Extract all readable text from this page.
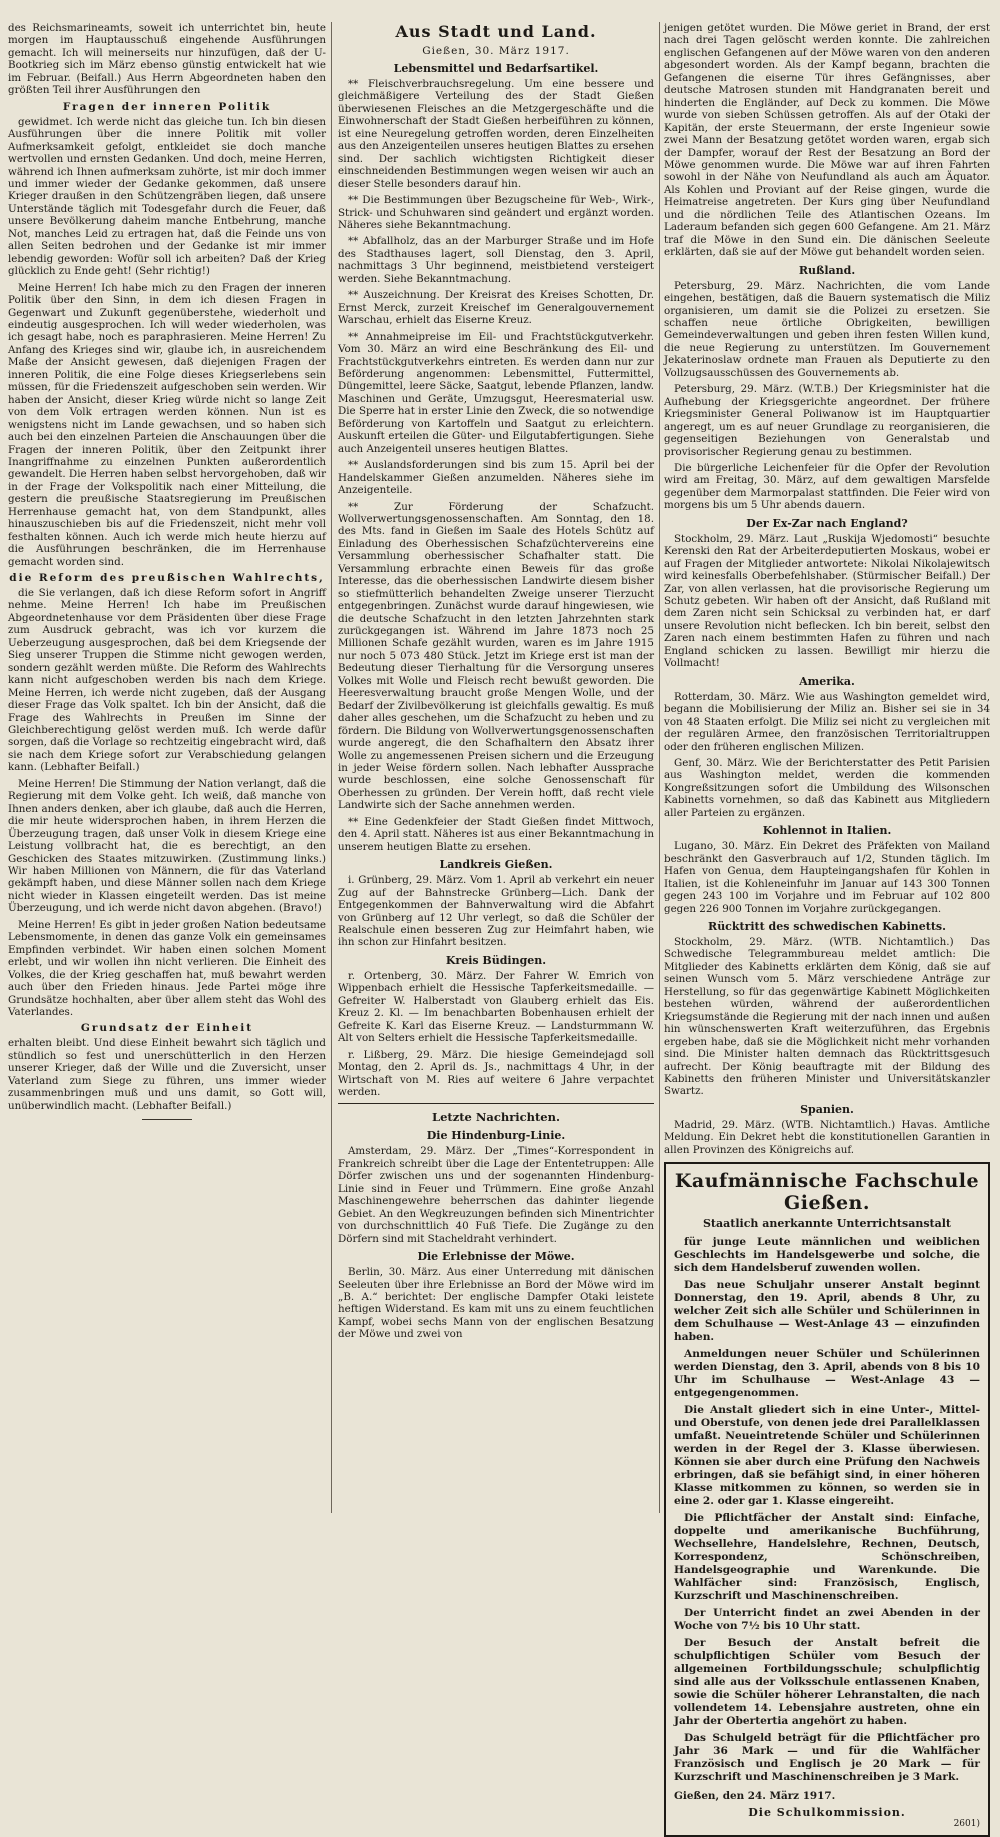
des Reichsmarineamts, soweit ich unterrichtet bin, heute morgen im Hauptausschuß eingehende Ausführungen gemacht. Ich will meinerseits nur hinzufügen, daß der U-Bootkrieg sich im März ebenso günstig entwickelt hat wie im Februar. (Beifall.) Aus Herrn Abgeordneten haben den größten Teil ihrer Ausführungen den

Fragen der inneren Politik

gewidmet. Ich werde nicht das gleiche tun. Ich bin diesen Ausführungen über die innere Politik mit voller Aufmerksamkeit gefolgt, entkleidet sie doch manche wertvollen und ernsten Gedanken. Und doch, meine Herren, während ich Ihnen aufmerksam zuhörte, ist mir doch immer und immer wieder der Gedanke gekommen, daß unsere Krieger draußen in den Schützengräben liegen, daß unsere Unterstände täglich mit Todesgefahr durch die Feuer, daß unsere Bevölkerung daheim manche Entbehrung, manche Not, manches Leid zu ertragen hat, daß die Feinde uns von allen Seiten bedrohen und der Gedanke ist mir immer lebendig geworden: Wofür soll ich arbeiten? Daß der Krieg glücklich zu Ende geht! (Sehr richtig!)

Meine Herren! Ich habe mich zu den Fragen der inneren Politik über den Sinn, in dem ich diesen Fragen in Gegenwart und Zukunft gegenüberstehe, wiederholt und eindeutig ausgesprochen. Ich will weder wiederholen, was ich gesagt habe, noch es paraphrasieren. Meine Herren! Zu Anfang des Krieges sind wir, glaube ich, in ausreichendem Maße der Ansicht gewesen, daß diejenigen Fragen der inneren Politik, die eine Folge dieses Kriegserlebens sein müssen, für die Friedenszeit aufgeschoben sein werden. Wir haben der Ansicht, dieser Krieg würde nicht so lange Zeit von dem Volk ertragen werden können. Nun ist es wenigstens nicht im Lande gewachsen, und so haben sich auch bei den einzelnen Parteien die Anschauungen über die Fragen der inneren Politik, über den Zeitpunkt ihrer Inangriffnahme zu einzelnen Punkten außerordentlich gewandelt. Die Herren haben selbst hervorgehoben, daß wir in der Frage der Volkspolitik nach einer Mitteilung, die gestern die preußische Staatsregierung im Preußischen Herrenhause gemacht hat, von dem Standpunkt, alles hinauszuschieben bis auf die Friedenszeit, nicht mehr voll festhalten können. Auch ich werde mich heute hierzu auf die Ausführungen beschränken, die im Herrenhause gemacht worden sind.

die Reform des preußischen Wahlrechts,

die Sie verlangen, daß ich diese Reform sofort in Angriff nehme. Meine Herren! Ich habe im Preußischen Abgeordnetenhause vor dem Präsidenten über diese Frage zum Ausdruck gebracht, was ich vor kurzem die Ueberzeugung ausgesprochen, daß bei dem Kriegsende der Sieg unserer Truppen die Stimme nicht gewogen werden, sondern gezählt werden müßte. Die Reform des Wahlrechts kann nicht aufgeschoben werden bis nach dem Kriege. Meine Herren, ich werde nicht zugeben, daß der Ausgang dieser Frage das Volk spaltet. Ich bin der Ansicht, daß die Frage des Wahlrechts in Preußen im Sinne der Gleichberechtigung gelöst werden muß. Ich werde dafür sorgen, daß die Vorlage so rechtzeitig eingebracht wird, daß sie nach dem Kriege sofort zur Verabschiedung gelangen kann. (Lebhafter Beifall.)

Meine Herren! Die Stimmung der Nation verlangt, daß die Regierung mit dem Volke geht. Ich weiß, daß manche von Ihnen anders denken, aber ich glaube, daß auch die Herren, die mir heute widersprochen haben, in ihrem Herzen die Überzeugung tragen, daß unser Volk in diesem Kriege eine Leistung vollbracht hat, die es berechtigt, an den Geschicken des Staates mitzuwirken. (Zustimmung links.) Wir haben Millionen von Männern, die für das Vaterland gekämpft haben, und diese Männer sollen nach dem Kriege nicht wieder in Klassen eingeteilt werden. Das ist meine Überzeugung, und ich werde nicht davon abgehen. (Bravo!)

Meine Herren! Es gibt in jeder großen Nation bedeutsame Lebensmomente, in denen das ganze Volk ein gemeinsames Empfinden verbindet. Wir haben einen solchen Moment erlebt, und wir wollen ihn nicht verlieren. Die Einheit des Volkes, die der Krieg geschaffen hat, muß bewahrt werden auch über den Frieden hinaus. Jede Partei möge ihre Grundsätze hochhalten, aber über allem steht das Wohl des Vaterlandes.

Grundsatz der Einheit

erhalten bleibt. Und diese Einheit bewahrt sich täglich und stündlich so fest und unerschütterlich in den Herzen unserer Krieger, daß der Wille und die Zuversicht, unser Vaterland zum Siege zu führen, uns immer wieder zusammenbringen muß und uns damit, so Gott will, unüberwindlich macht. (Lebhafter Beifall.)

Aus Stadt und Land.
Gießen, 30. März 1917.
Lebensmittel und Bedarfsartikel.

** Fleischverbrauchsregelung. Um eine bessere und gleichmäßigere Verteilung des der Stadt Gießen überwiesenen Fleisches an die Metzgergeschäfte und die Einwohnerschaft der Stadt Gießen herbeiführen zu können, ist eine Neuregelung getroffen worden, deren Einzelheiten aus den Anzeigenteilen unseres heutigen Blattes zu ersehen sind. Der sachlich wichtigsten Richtigkeit dieser einschneidenden Bestimmungen wegen weisen wir auch an dieser Stelle besonders darauf hin.

** Die Bestimmungen über Bezugscheine für Web-, Wirk-, Strick- und Schuhwaren sind geändert und ergänzt worden. Näheres siehe Bekanntmachung.

** Abfallholz, das an der Marburger Straße und im Hofe des Stadthauses lagert, soll Dienstag, den 3. April, nachmittags 3 Uhr beginnend, meistbietend versteigert werden. Siehe Bekanntmachung.

** Auszeichnung. Der Kreisrat des Kreises Schotten, Dr. Ernst Merck, zurzeit Kreischef im Generalgouvernement Warschau, erhielt das Eiserne Kreuz.

** Annahmeipreise im Eil- und Frachtstückgutverkehr. Vom 30. März an wird eine Beschränkung des Eil- und Frachtstückgutverkehrs eintreten. Es werden dann nur zur Beförderung angenommen: Lebensmittel, Futtermittel, Düngemittel, leere Säcke, Saatgut, lebende Pflanzen, landw. Maschinen und Geräte, Umzugsgut, Heeresmaterial usw. Die Sperre hat in erster Linie den Zweck, die so notwendige Beförderung von Kartoffeln und Saatgut zu erleichtern. Auskunft erteilen die Güter- und Eilgutabfertigungen. Siehe auch Anzeigenteil unseres heutigen Blattes.

** Auslandsforderungen sind bis zum 15. April bei der Handelskammer Gießen anzumelden. Näheres siehe im Anzeigenteile.

** Zur Förderung der Schafzucht. Wollverwertungsgenossenschaften. Am Sonntag, den 18. des Mts. fand in Gießen im Saale des Hotels Schütz auf Einladung des Oberhessischen Schafzüchtervereins eine Versammlung oberhessischer Schafhalter statt. Die Versammlung erbrachte einen Beweis für das große Interesse, das die oberhessischen Landwirte diesem bisher so stiefmütterlich behandelten Zweige unserer Tierzucht entgegenbringen. Zunächst wurde darauf hingewiesen, wie die deutsche Schafzucht in den letzten Jahrzehnten stark zurückgegangen ist. Während im Jahre 1873 noch 25 Millionen Schafe gezählt wurden, waren es im Jahre 1915 nur noch 5 073 480 Stück. Jetzt im Kriege erst ist man der Bedeutung dieser Tierhaltung für die Versorgung unseres Volkes mit Wolle und Fleisch recht bewußt geworden. Die Heeresverwaltung braucht große Mengen Wolle, und der Bedarf der Zivilbevölkerung ist gleichfalls gewaltig. Es muß daher alles geschehen, um die Schafzucht zu heben und zu fördern. Die Bildung von Wollverwertungsgenossenschaften wurde angeregt, die den Schafhaltern den Absatz ihrer Wolle zu angemessenen Preisen sichern und die Erzeugung in jeder Weise fördern sollen. Nach lebhafter Aussprache wurde beschlossen, eine solche Genossenschaft für Oberhessen zu gründen. Der Verein hofft, daß recht viele Landwirte sich der Sache annehmen werden.

** Eine Gedenkfeier der Stadt Gießen findet Mittwoch, den 4. April statt. Näheres ist aus einer Bekanntmachung in unserem heutigen Blatte zu ersehen.

Landkreis Gießen.

i. Grünberg, 29. März. Vom 1. April ab verkehrt ein neuer Zug auf der Bahnstrecke Grünberg—Lich. Dank der Entgegenkommen der Bahnverwaltung wird die Abfahrt von Grünberg auf 12 Uhr verlegt, so daß die Schüler der Realschule einen besseren Zug zur Heimfahrt haben, wie ihn schon zur Hinfahrt besitzen.

Kreis Büdingen.

r. Ortenberg, 30. März. Der Fahrer W. Emrich von Wippenbach erhielt die Hessische Tapferkeitsmedaille. — Gefreiter W. Halberstadt von Glauberg erhielt das Eis. Kreuz 2. Kl. — Im benachbarten Bobenhausen erhielt der Gefreite K. Karl das Eiserne Kreuz. — Landsturmmann W. Alt von Selters erhielt die Hessische Tapferkeitsmedaille.

r. Lißberg, 29. März. Die hiesige Gemeindejagd soll Montag, den 2. April ds. Js., nachmittags 4 Uhr, in der Wirtschaft von M. Ries auf weitere 6 Jahre verpachtet werden.

Letzte Nachrichten.
Die Hindenburg-Linie.

Amsterdam, 29. März. Der „Times“-Korrespondent in Frankreich schreibt über die Lage der Ententetruppen: Alle Dörfer zwischen uns und der sogenannten Hindenburg-Linie sind in Feuer und Trümmern. Eine große Anzahl Maschinengewehre beherrschen das dahinter liegende Gebiet. An den Wegkreuzungen befinden sich Minentrichter von durchschnittlich 40 Fuß Tiefe. Die Zugänge zu den Dörfern sind mit Stacheldraht verhindert.

Die Erlebnisse der Möwe.

Berlin, 30. März. Aus einer Unterredung mit dänischen Seeleuten über ihre Erlebnisse an Bord der Möwe wird im „B. A.“ berichtet: Der englische Dampfer Otaki leistete heftigen Widerstand. Es kam mit uns zu einem feuchtlichen Kampf, wobei sechs Mann von der englischen Besatzung der Möwe und zwei von

jenigen getötet wurden. Die Möwe geriet in Brand, der erst nach drei Tagen gelöscht werden konnte. Die zahlreichen englischen Gefangenen auf der Möwe waren von den anderen abgesondert worden. Als der Kampf begann, brachten die Gefangenen die eiserne Tür ihres Gefängnisses, aber deutsche Matrosen stunden mit Handgranaten bereit und hinderten die Engländer, auf Deck zu kommen. Die Möwe wurde von sieben Schüssen getroffen. Als auf der Otaki der Kapitän, der erste Steuermann, der erste Ingenieur sowie zwei Mann der Besatzung getötet worden waren, ergab sich der Dampfer, worauf der Rest der Besatzung an Bord der Möwe genommen wurde. Die Möwe war auf ihren Fahrten sowohl in der Nähe von Neufundland als auch am Äquator. Als Kohlen und Proviant auf der Reise gingen, wurde die Heimatreise angetreten. Der Kurs ging über Neufundland und die nördlichen Teile des Atlantischen Ozeans. Im Laderaum befanden sich gegen 600 Gefangene. Am 21. März traf die Möwe in den Sund ein. Die dänischen Seeleute erklärten, daß sie auf der Möwe gut behandelt worden seien.

Rußland.

Petersburg, 29. März. Nachrichten, die vom Lande eingehen, bestätigen, daß die Bauern systematisch die Miliz organisieren, um damit sie die Polizei zu ersetzen. Sie schaffen neue örtliche Obrigkeiten, bewilligen Gemeindeverwaltungen und geben ihren festen Willen kund, die neue Regierung zu unterstützen. Im Gouvernement Jekaterinoslaw ordnete man Frauen als Deputierte zu den Vollzugsausschüssen des Gouvernements ab.

Petersburg, 29. März. (W.T.B.) Der Kriegsminister hat die Aufhebung der Kriegsgerichte angeordnet. Der frühere Kriegsminister General Poliwanow ist im Hauptquartier angeregt, um es auf neuer Grundlage zu reorganisieren, die gegenseitigen Beziehungen von Generalstab und provisorischer Regierung genau zu bestimmen.

Die bürgerliche Leichenfeier für die Opfer der Revolution wird am Freitag, 30. März, auf dem gewaltigen Marsfelde gegenüber dem Marmorpalast stattfinden. Die Feier wird von morgens bis um 5 Uhr abends dauern.

Der Ex-Zar nach England?

Stockholm, 29. März. Laut „Ruskija Wjedomosti“ besuchte Kerenski den Rat der Arbeiterdeputierten Moskaus, wobei er auf Fragen der Mitglieder antwortete: Nikolai Nikolajewitsch wird keinesfalls Oberbefehlshaber. (Stürmischer Beifall.) Der Zar, von allen verlassen, hat die provisorische Regierung um Schutz gebeten. Wir haben oft der Ansicht, daß Rußland mit dem Zaren nicht sein Schicksal zu verbinden hat, er darf unsere Revolution nicht beflecken. Ich bin bereit, selbst den Zaren nach einem bestimmten Hafen zu führen und nach England schicken zu lassen. Bewilligt mir hierzu die Vollmacht!

Amerika.

Rotterdam, 30. März. Wie aus Washington gemeldet wird, begann die Mobilisierung der Miliz an. Bisher sei sie in 34 von 48 Staaten erfolgt. Die Miliz sei nicht zu vergleichen mit der regulären Armee, den französischen Territorialtruppen oder den früheren englischen Milizen.

Genf, 30. März. Wie der Berichterstatter des Petit Parisien aus Washington meldet, werden die kommenden Kongreßsitzungen sofort die Umbildung des Wilsonschen Kabinetts vornehmen, so daß das Kabinett aus Mitgliedern aller Parteien zu ergänzen.

Kohlennot in Italien.

Lugano, 30. März. Ein Dekret des Präfekten von Mailand beschränkt den Gasverbrauch auf 1/2, Stunden täglich. Im Hafen von Genua, dem Haupteingangshafen für Kohlen in Italien, ist die Kohleneinfuhr im Januar auf 143 300 Tonnen gegen 243 100 im Vorjahre und im Februar auf 102 800 gegen 226 900 Tonnen im Vorjahre zurückgegangen.

Rücktritt des schwedischen Kabinetts.

Stockholm, 29. März. (WTB. Nichtamtlich.) Das Schwedische Telegrammbureau meldet amtlich: Die Mitglieder des Kabinetts erklärten dem König, daß sie auf seinen Wunsch vom 5. März verschiedene Anträge zur Herstellung, so für das gegenwärtige Kabinett Möglichkeiten bestehen würden, während der außerordentlichen Kriegsumstände die Regierung mit der nach innen und außen hin wünschenswerten Kraft weiterzuführen, das Ergebnis ergeben habe, daß sie die Möglichkeit nicht mehr vorhanden sind. Die Minister halten demnach das Rücktrittsgesuch aufrecht. Der König beauftragte mit der Bildung des Kabinetts den früheren Minister und Universitätskanzler Swartz.

Spanien.

Madrid, 29. März. (WTB. Nichtamtlich.) Havas. Amtliche Meldung. Ein Dekret hebt die konstitutionellen Garantien in allen Provinzen des Königreichs auf.

Kaufmännische Fachschule Gießen.
Staatlich anerkannte Unterrichtsanstalt

für junge Leute männlichen und weiblichen Geschlechts im Handelsgewerbe und solche, die sich dem Handelsberuf zuwenden wollen.

Das neue Schuljahr unserer Anstalt beginnt Donnerstag, den 19. April, abends 8 Uhr, zu welcher Zeit sich alle Schüler und Schülerinnen in dem Schulhause — West-Anlage 43 — einzufinden haben.

Anmeldungen neuer Schüler und Schülerinnen werden Dienstag, den 3. April, abends von 8 bis 10 Uhr im Schulhause — West-Anlage 43 — entgegengenommen.

Die Anstalt gliedert sich in eine Unter-, Mittel- und Oberstufe, von denen jede drei Parallelklassen umfaßt. Neueintretende Schüler und Schülerinnen werden in der Regel der 3. Klasse überwiesen. Können sie aber durch eine Prüfung den Nachweis erbringen, daß sie befähigt sind, in einer höheren Klasse mitkommen zu können, so werden sie in eine 2. oder gar 1. Klasse eingereiht.

Die Pflichtfächer der Anstalt sind: Einfache, doppelte und amerikanische Buchführung, Wechsellehre, Handelslehre, Rechnen, Deutsch, Korrespondenz, Schönschreiben, Handelsgeographie und Warenkunde. Die Wahlfächer sind: Französisch, Englisch, Kurzschrift und Maschinenschreiben.

Der Unterricht findet an zwei Abenden in der Woche von 7½ bis 10 Uhr statt.

Der Besuch der Anstalt befreit die schulpflichtigen Schüler vom Besuch der allgemeinen Fortbildungsschule; schulpflichtig sind alle aus der Volksschule entlassenen Knaben, sowie die Schüler höherer Lehranstalten, die nach vollendetem 14. Lebensjahre austreten, ohne ein Jahr der Obertertia angehört zu haben.

Das Schulgeld beträgt für die Pflichtfächer pro Jahr 36 Mark — und für die Wahlfächer Französisch und Englisch je 20 Mark — für Kurzschrift und Maschinenschreiben je 3 Mark.

Gießen, den 24. März 1917.
Die Schulkommission.
2601)
